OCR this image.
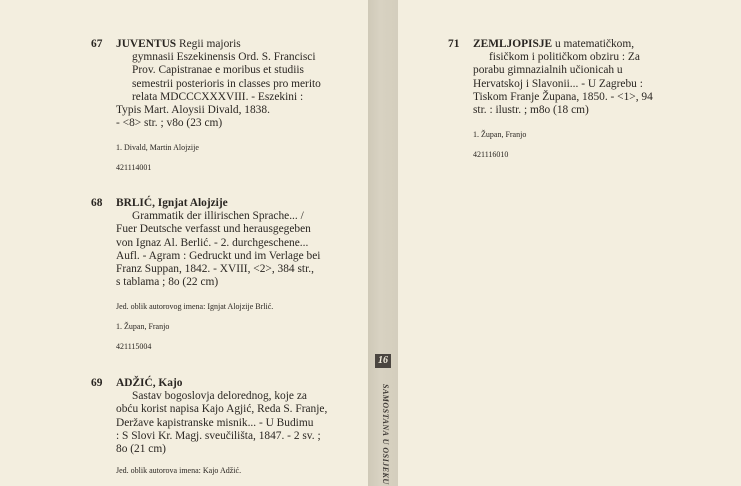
16
SAMOSTANA U OSIJEKU
67 JUVENTUS Regii majoris
gymnasii Eszekinensis Ord. S. Francisci
Prov. Capistranae e moribus et studiis
semestrii posterioris in classes pro merito
relata MDCCCXXXVIII. - Eszekini :
Typis Mart. Aloysii Divald, 1838.
- <8> str. ; v8o (23 cm)
1. Divald, Martin Alojzije
421114001
68 BRLIĆ, Ignjat Alojzije
Grammatik der illirischen Sprache... /
Fuer Deutsche verfasst und herausgegeben
von Ignaz Al. Berlić. - 2. durchgeschene...
Aufl. - Agram : Gedruckt und im Verlage bei
Franz Suppan, 1842. - XVIII, <2>, 384 str.,
s tablama ; 8o (22 cm)
Jed. oblik autorovog imena: Ignjat Alojzije Brlić.
1. Župan, Franjo
421115004
69 ADŽIĆ, Kajo
Sastav bogoslovja delorednog, koje za
obću korist napisa Kajo Agjić, Reda S. Franje,
Deržave kapistranske misnik... - U Budimu
: S Slovi Kr. Magj. sveučilišta, 1847. - 2 sv. ;
8o (21 cm)
Jed. oblik autorova imena: Kajo Adžić.
71 ZEMLJOPISJE u matematičkom,
fisičkom i političkom obziru : Za
porabu gimnazialnih učionicah u
Hervatskoj i Slavonii... - U Zagrebu :
Tiskom Franje Županа, 1850. - <1>, 94
str. : ilustr. ; m8o (18 cm)
1. Župan, Franjo
421116010
